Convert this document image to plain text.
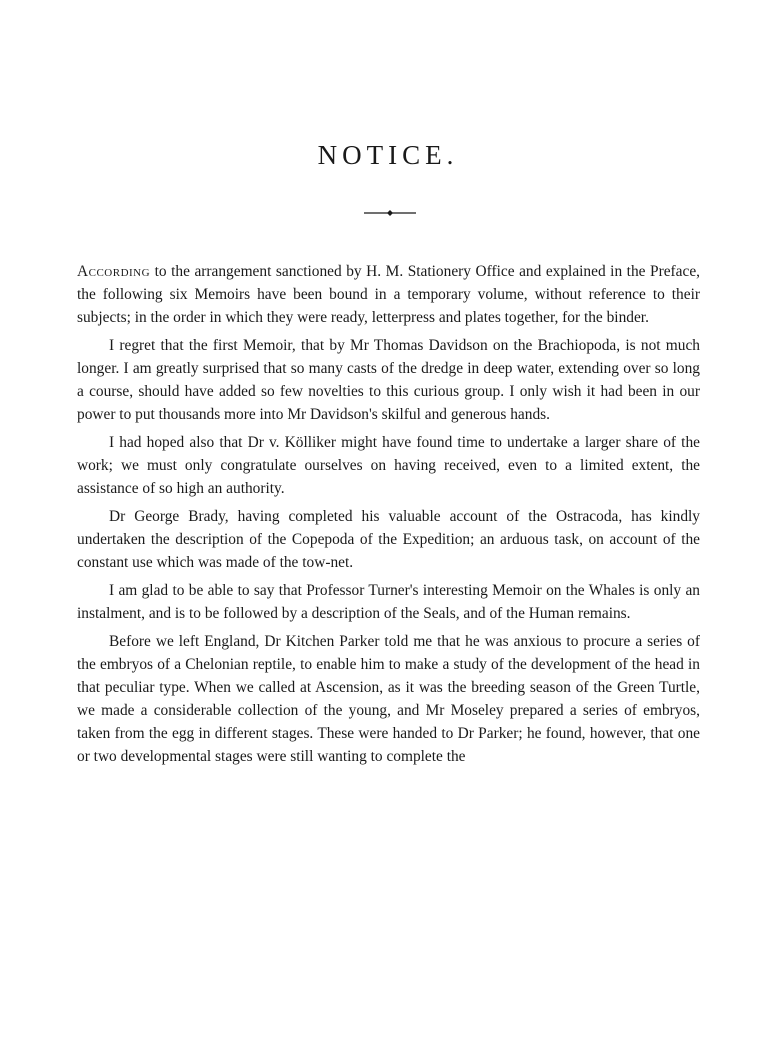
NOTICE.

According to the arrangement sanctioned by H. M. Stationery Office and explained in the Preface, the following six Memoirs have been bound in a temporary volume, without reference to their subjects; in the order in which they were ready, letterpress and plates together, for the binder.

I regret that the first Memoir, that by Mr Thomas Davidson on the Brachiopoda, is not much longer. I am greatly surprised that so many casts of the dredge in deep water, extending over so long a course, should have added so few novelties to this curious group. I only wish it had been in our power to put thousands more into Mr Davidson's skilful and generous hands.

I had hoped also that Dr v. Kölliker might have found time to undertake a larger share of the work; we must only congratulate ourselves on having received, even to a limited extent, the assistance of so high an authority.

Dr George Brady, having completed his valuable account of the Ostracoda, has kindly undertaken the description of the Copepoda of the Expedition; an arduous task, on account of the constant use which was made of the tow-net.

I am glad to be able to say that Professor Turner's interesting Memoir on the Whales is only an instalment, and is to be followed by a description of the Seals, and of the Human remains.

Before we left England, Dr Kitchen Parker told me that he was anxious to procure a series of the embryos of a Chelonian reptile, to enable him to make a study of the development of the head in that peculiar type. When we called at Ascension, as it was the breeding season of the Green Turtle, we made a considerable collection of the young, and Mr Moseley prepared a series of embryos, taken from the egg in different stages. These were handed to Dr Parker; he found, however, that one or two developmental stages were still wanting to complete the
